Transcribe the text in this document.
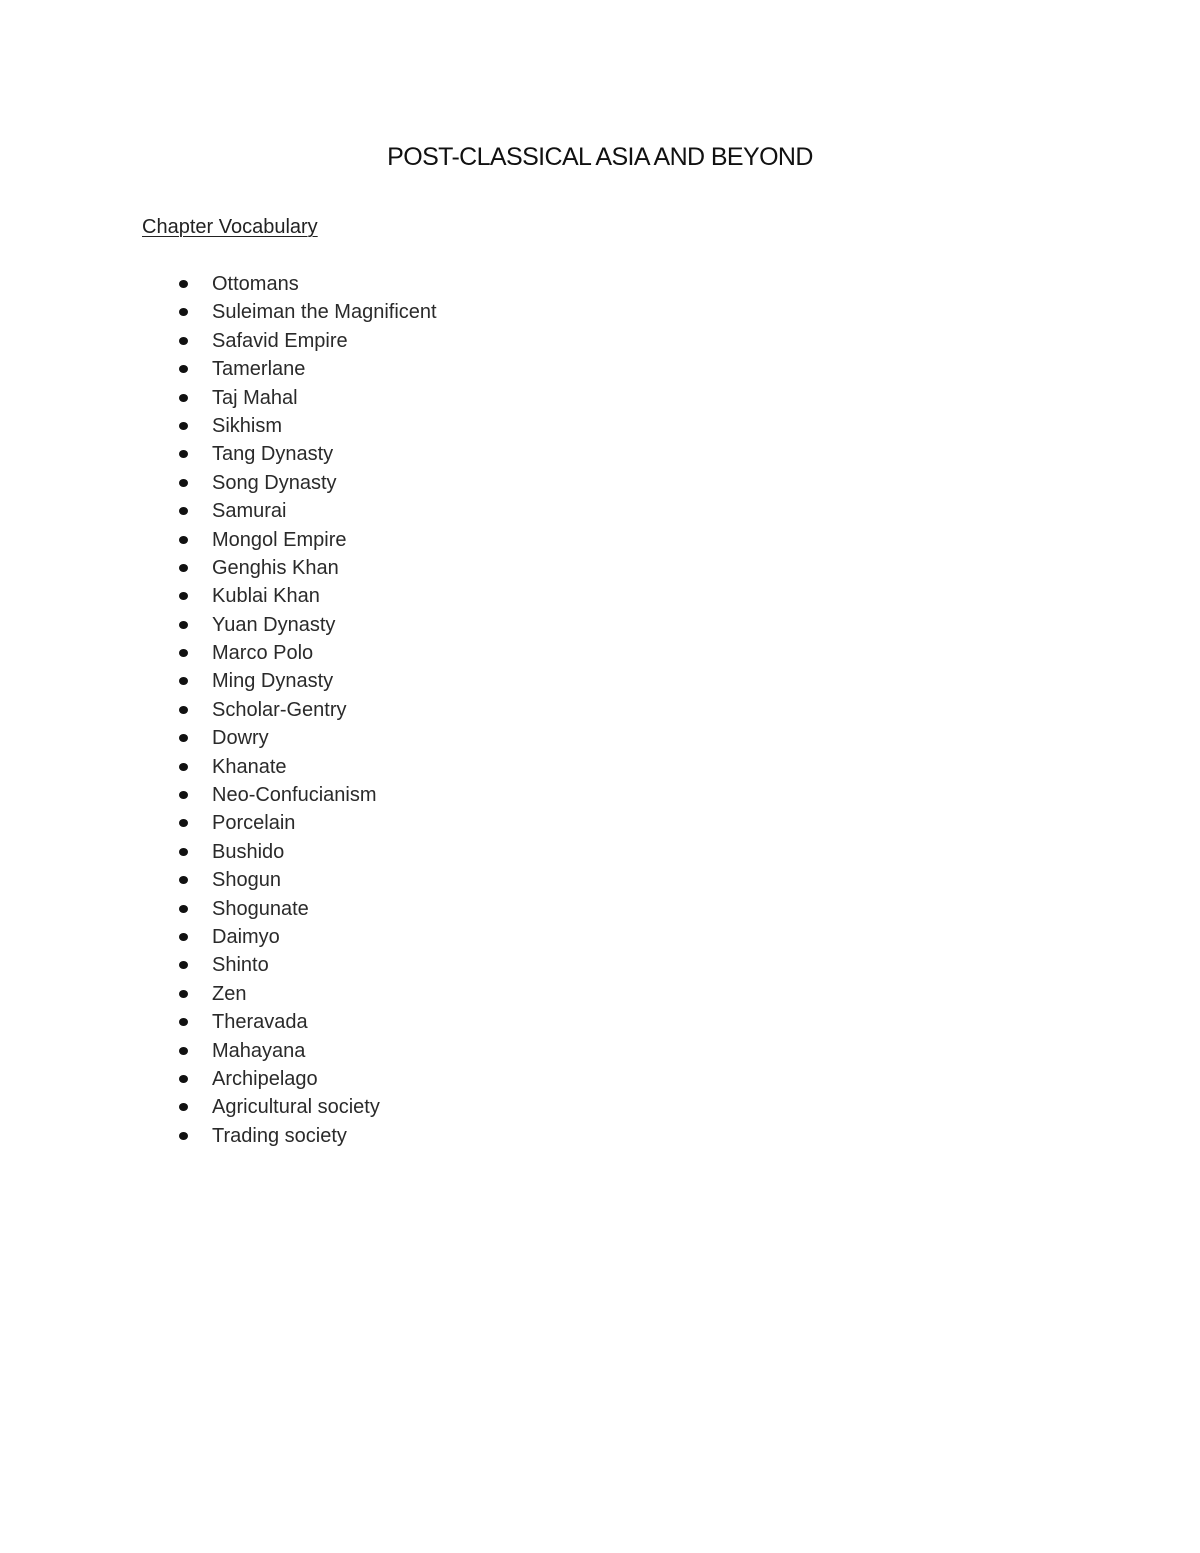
POST-CLASSICAL ASIA AND BEYOND
Chapter Vocabulary
Ottomans
Suleiman the Magnificent
Safavid Empire
Tamerlane
Taj Mahal
Sikhism
Tang Dynasty
Song Dynasty
Samurai
Mongol Empire
Genghis Khan
Kublai Khan
Yuan Dynasty
Marco Polo
Ming Dynasty
Scholar-Gentry
Dowry
Khanate
Neo-Confucianism
Porcelain
Bushido
Shogun
Shogunate
Daimyo
Shinto
Zen
Theravada
Mahayana
Archipelago
Agricultural society
Trading society
